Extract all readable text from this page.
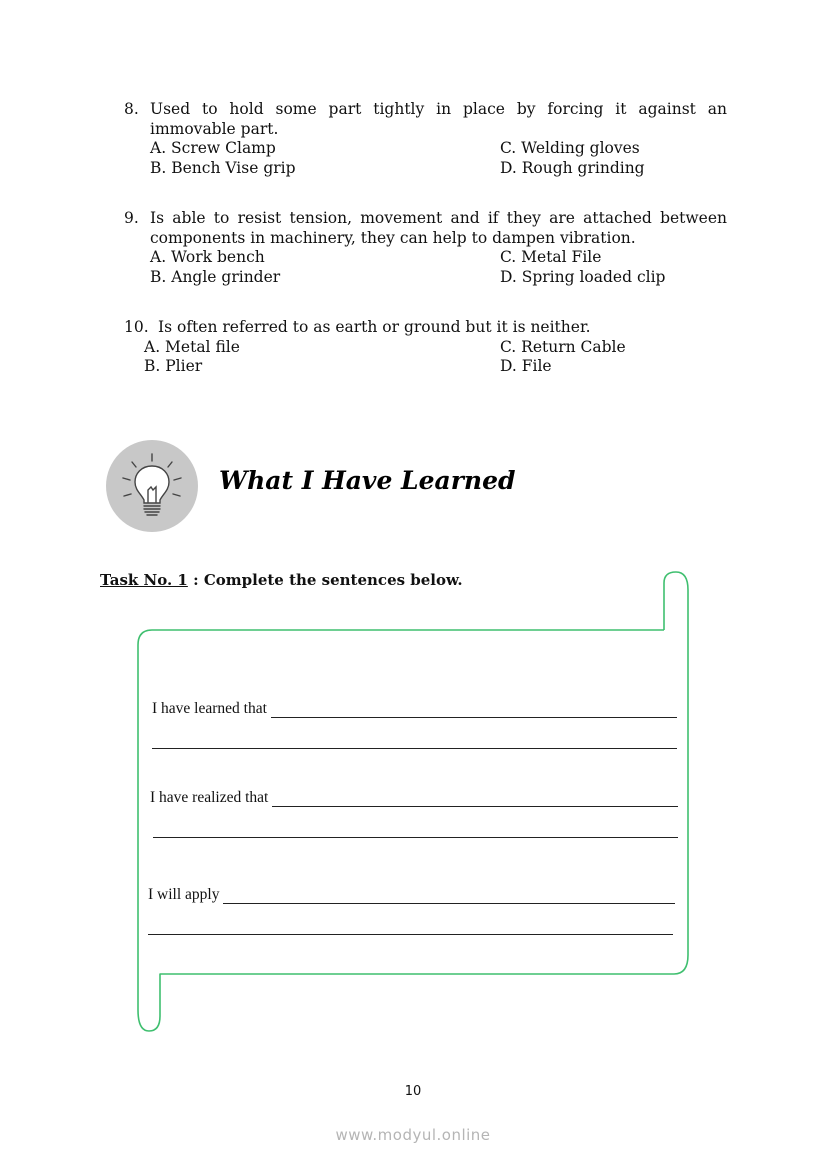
8. Used to hold some part tightly in place by forcing it against an immovable part.
A. Screw Clamp	C. Welding gloves
B. Bench Vise grip	D. Rough grinding
9. Is able to resist tension, movement and if they are attached between components in machinery, they can help to dampen vibration.
A. Work bench	C. Metal File
B. Angle grinder	D. Spring loaded clip
10. Is often referred to as earth or ground but it is neither.
A. Metal file	C. Return Cable
B. Plier	D. File
What I Have Learned
Task No. 1 : Complete the sentences below.
I have learned that
I have realized that
I will apply
10
www.modyul.online
